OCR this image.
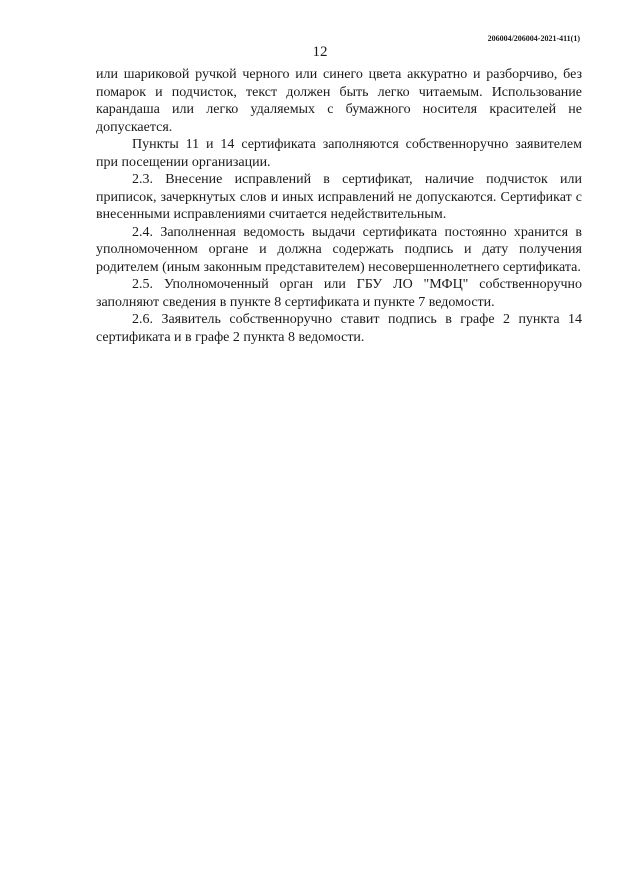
206004/206004-2021-411(1)
12

или шариковой ручкой черного или синего цвета аккуратно и разборчиво, без помарок и подчисток, текст должен быть легко читаемым. Использование карандаша или легко удаляемых с бумажного носителя красителей не допускается.

Пункты 11 и 14 сертификата заполняются собственноручно заявителем при посещении организации.

2.3. Внесение исправлений в сертификат, наличие подчисток или приписок, зачеркнутых слов и иных исправлений не допускаются. Сертификат с внесенными исправлениями считается недействительным.

2.4. Заполненная ведомость выдачи сертификата постоянно хранится в уполномоченном органе и должна содержать подпись и дату получения родителем (иным законным представителем) несовершеннолетнего сертификата.

2.5. Уполномоченный орган или ГБУ ЛО "МФЦ" собственноручно заполняют сведения в пункте 8 сертификата и пункте 7 ведомости.

2.6. Заявитель собственноручно ставит подпись в графе 2 пункта 14 сертификата и в графе 2 пункта 8 ведомости.
